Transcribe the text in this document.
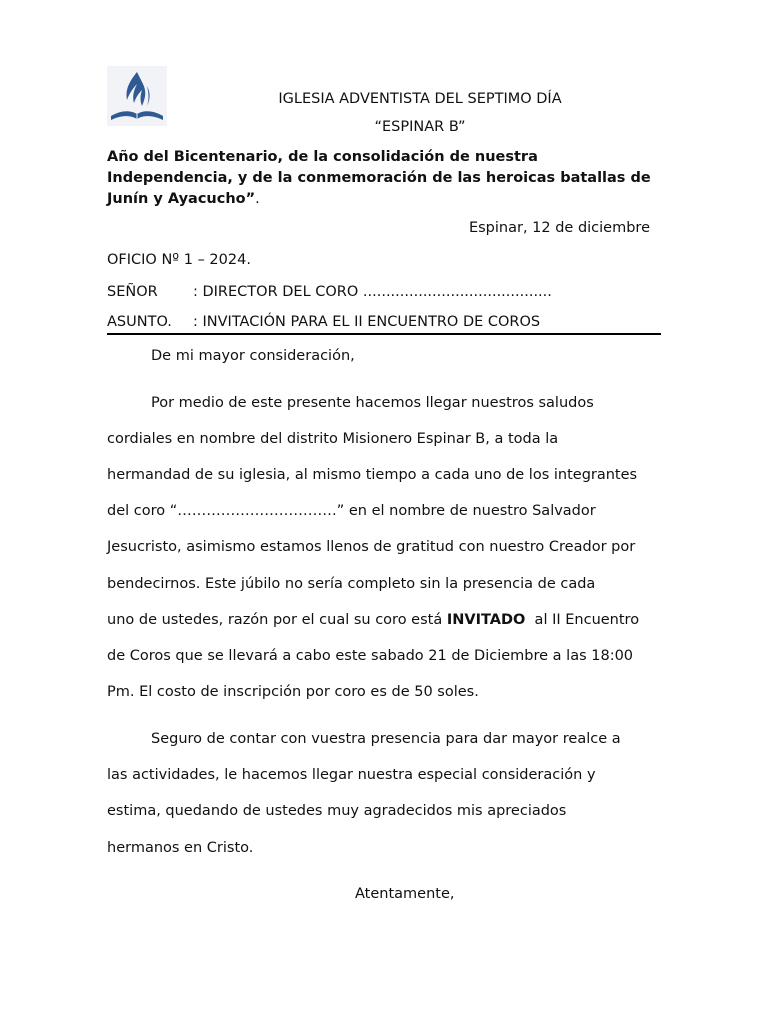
IGLESIA ADVENTISTA DEL SEPTIMO DÍA
“ESPINAR B”
Año del Bicentenario, de la consolidación de nuestra Independencia, y de la conmemoración de las heroicas batallas de Junín y Ayacucho”.
Espinar, 12 de diciembre
OFICIO Nº 1 – 2024.
SEÑOR : DIRECTOR DEL CORO .........................................
ASUNTO. : INVITACIÓN PARA EL II ENCUENTRO DE COROS
De mi mayor consideración,
Por medio de este presente hacemos llegar nuestros saludos
cordiales en nombre del distrito Misionero Espinar B, a toda la
hermandad de su iglesia, al mismo tiempo a cada uno de los integrantes
del coro “……………………………” en el nombre de nuestro Salvador
Jesucristo, asimismo estamos llenos de gratitud con nuestro Creador por
bendecirnos. Este júbilo no sería completo sin la presencia de cada
uno de ustedes, razón por el cual su coro está INVITADO  al II Encuentro
de Coros que se llevará a cabo este sabado 21 de Diciembre a las 18:00
Pm. El costo de inscripción por coro es de 50 soles.
Seguro de contar con vuestra presencia para dar mayor realce a
las actividades, le hacemos llegar nuestra especial consideración y
estima, quedando de ustedes muy agradecidos mis apreciados
hermanos en Cristo.
Atentamente,
